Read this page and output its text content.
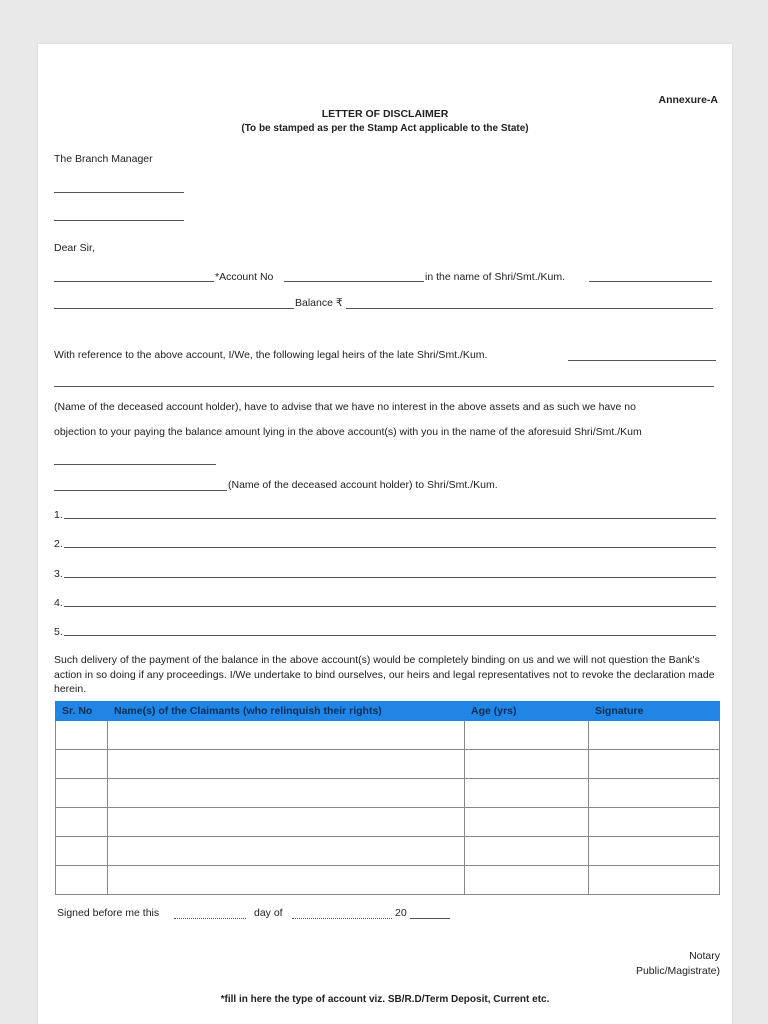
Annexure-A
LETTER OF DISCLAIMER
(To be stamped as per the Stamp Act applicable to the State)
The Branch Manager
Dear Sir,
*Account No	in the name of Shri/Smt./Kum.
Balance ₹
With reference to the above account, I/We, the following legal heirs of the late Shri/Smt./Kum.
(Name of the deceased account holder), have to advise that we have no interest in the above assets and as such we have no
objection to your paying the balance amount lying in the above account(s) with you in the name of the aforesuid Shri/Smt./Kum
(Name of the deceased account holder) to Shri/Smt./Kum.
1.
2.
3.
4.
5.
Such delivery of the payment of the balance in the above account(s) would be completely binding on us and we will not question the Bank's action in so doing if any proceedings. I/We undertake to bind ourselves, our heirs and legal representatives not to revoke the declaration made herein.
Sr. No	Name(s) of the Claimants (who relinquish their rights)	Age (yrs)	Signature

Signed before me this	day of	20
Notary
Public/Magistrate)
*fill in here the type of account viz. SB/R.D/Term Deposit, Current etc.
